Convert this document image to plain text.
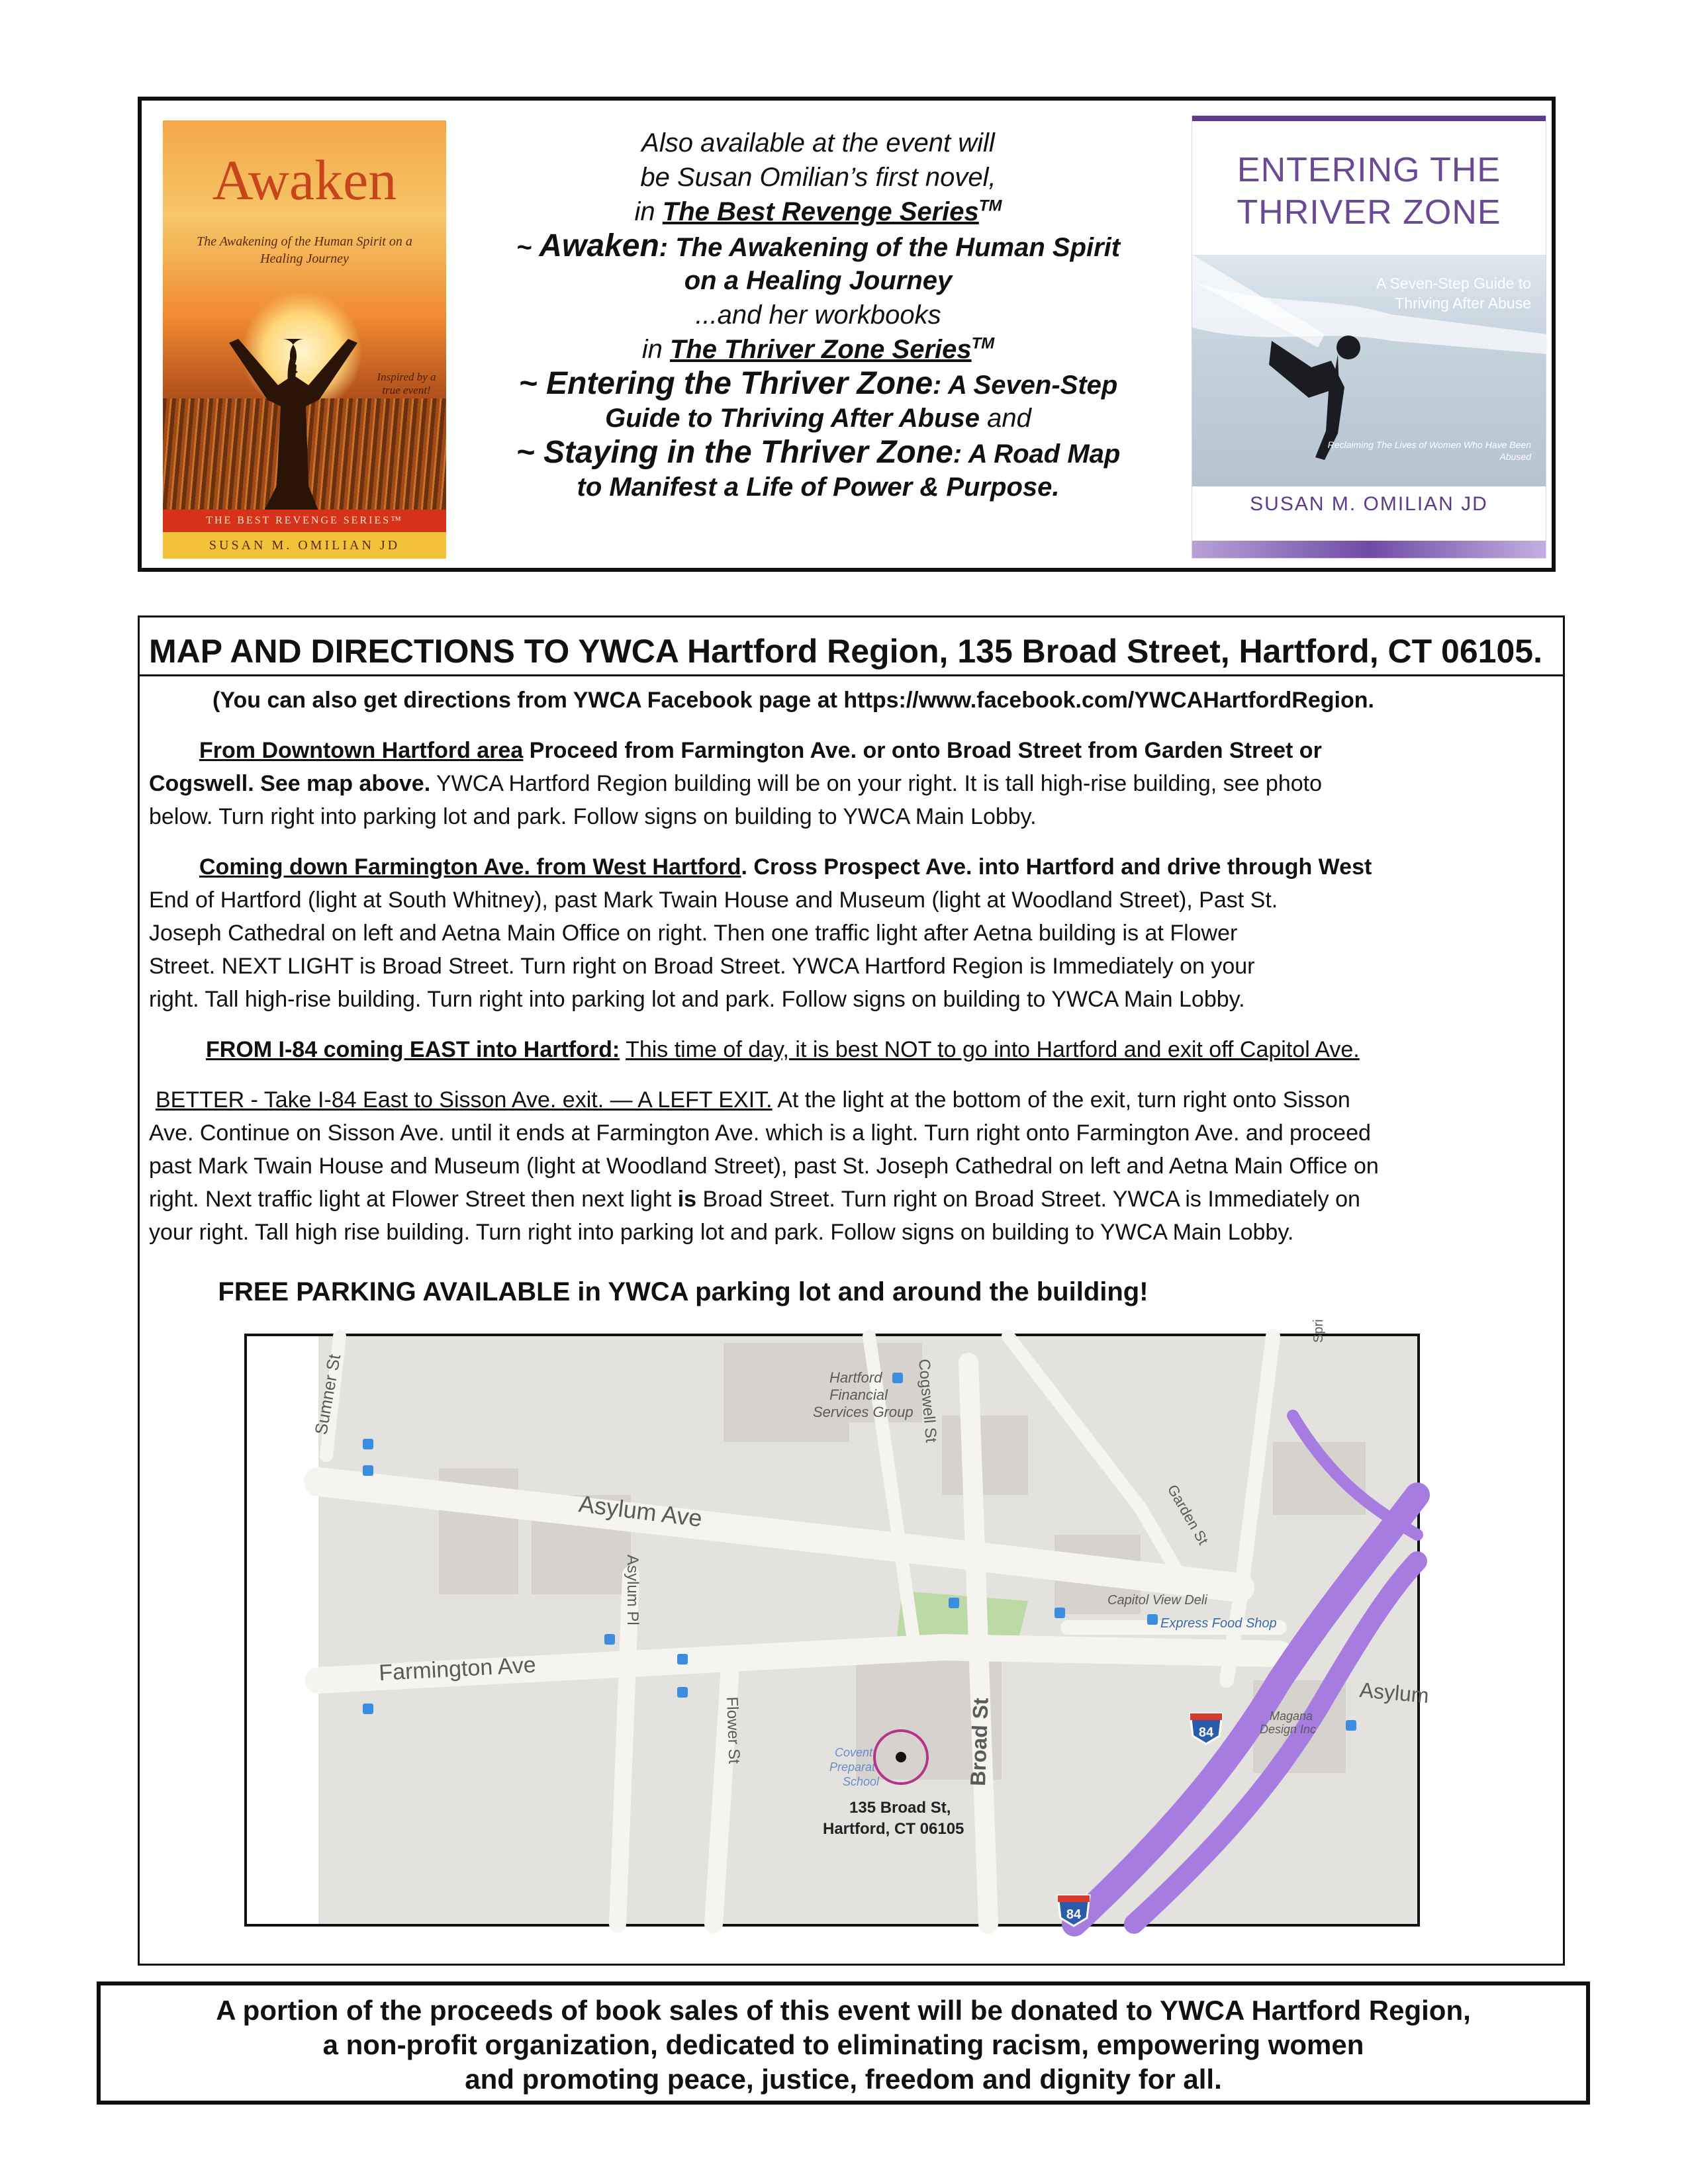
Awaken
The Awakening of the Human Spirit on a Healing Journey
Inspired by a true event!
THE BEST REVENGE SERIES™
SUSAN M. OMILIAN JD
Also available at the event will
be Susan Omilian’s first novel,
in The Best Revenge Series™
~ Awaken: The Awakening of the Human Spirit
on a Healing Journey
...and her workbooks
in The Thriver Zone Series™
~ Entering the Thriver Zone: A Seven-Step
Guide to Thriving After Abuse and
~ Staying in the Thriver Zone: A Road Map
to Manifest a Life of Power & Purpose.
ENTERING THE
THRIVER ZONE
A Seven-Step Guide to Thriving After Abuse
Reclaiming The Lives of Women Who Have Been Abused
SUSAN M. OMILIAN JD
MAP AND DIRECTIONS TO YWCA Hartford Region, 135 Broad Street, Hartford, CT 06105.
(You can also get directions from YWCA Facebook page at https://www.facebook.com/YWCAHartfordRegion.
From Downtown Hartford area Proceed from Farmington Ave. or onto Broad Street from Garden Street or
Cogswell. See map above. YWCA Hartford Region building will be on your right. It is tall high-rise building, see photo
below. Turn right into parking lot and park. Follow signs on building to YWCA Main Lobby.
Coming down Farmington Ave. from West Hartford. Cross Prospect Ave. into Hartford and drive through West
End of Hartford (light at South Whitney), past Mark Twain House and Museum (light at Woodland Street), Past St.
Joseph Cathedral on left and Aetna Main Office on right. Then one traffic light after Aetna building is at Flower
Street. NEXT LIGHT is Broad Street. Turn right on Broad Street. YWCA Hartford Region is Immediately on your
right. Tall high-rise building. Turn right into parking lot and park. Follow signs on building to YWCA Main Lobby.
FROM I-84 coming EAST into Hartford: This time of day, it is best NOT to go into Hartford and exit off Capitol Ave.
BETTER - Take I-84 East to Sisson Ave. exit. — A LEFT EXIT. At the light at the bottom of the exit, turn right onto Sisson
Ave. Continue on Sisson Ave. until it ends at Farmington Ave. which is a light. Turn right onto Farmington Ave. and proceed
past Mark Twain House and Museum (light at Woodland Street), past St. Joseph Cathedral on left and Aetna Main Office on
right. Next traffic light at Flower Street then next light is Broad Street. Turn right on Broad Street. YWCA is Immediately on
your right. Tall high rise building. Turn right into parking lot and park. Follow signs on building to YWCA Main Lobby.
FREE PARKING AVAILABLE in YWCA parking lot and around the building!
84
84
Sumner St
Asylum Ave
Asylum Pl
Farmington Ave
Flower St	Broad St
Cogswell St
Garden St
Spri
Hartford
Financial
Services Group
Capitol View Deli
Express Food Shop
Asylum
Magana
Design Inc
Covent
Preparat
School
135 Broad St,
Hartford, CT 06105
A portion of the proceeds of book sales of this event will be donated to YWCA Hartford Region,
a non-profit organization, dedicated to eliminating racism, empowering women
and promoting peace, justice, freedom and dignity for all.
